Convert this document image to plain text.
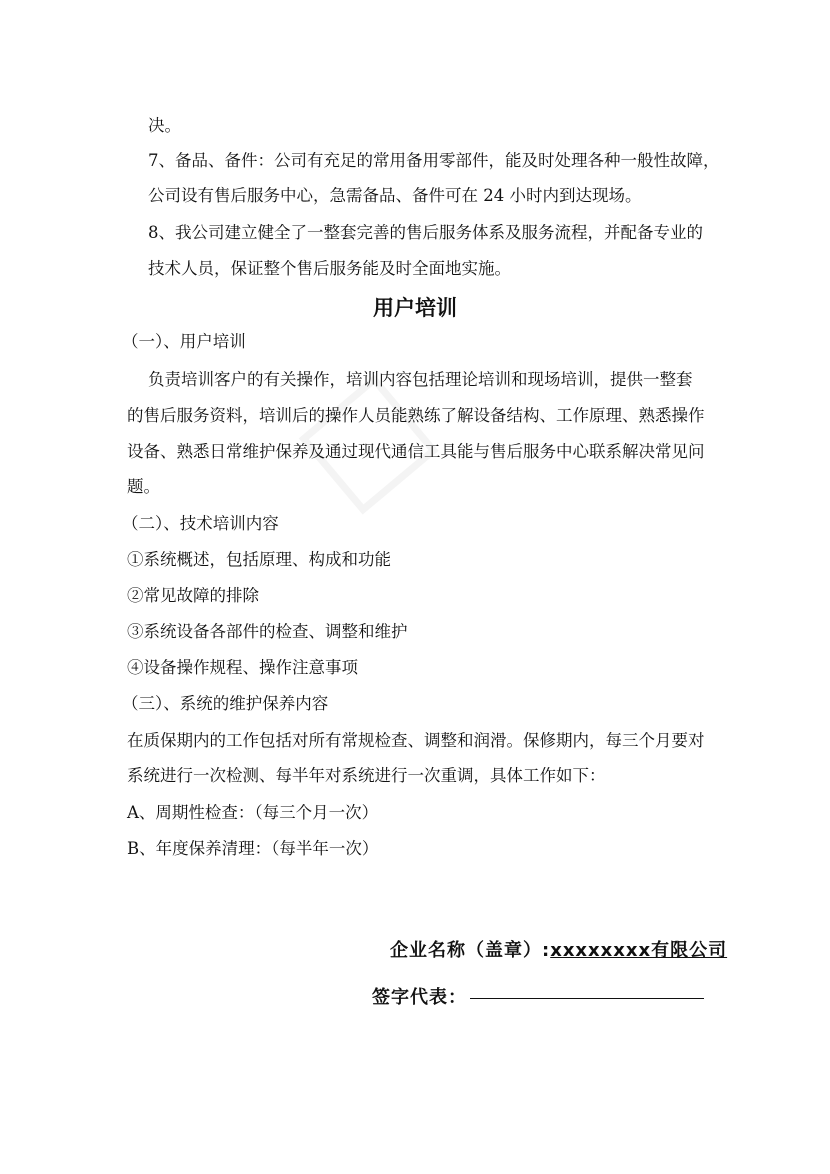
决。
7、备品、备件：公司有充足的常用备用零部件，能及时处理各种一般性故障，
公司设有售后服务中心，急需备品、备件可在 24 小时内到达现场。
8、我公司建立健全了一整套完善的售后服务体系及服务流程，并配备专业的
技术人员，保证整个售后服务能及时全面地实施。
用户培训
（一）、用户培训
负责培训客户的有关操作，培训内容包括理论培训和现场培训，提供一整套
的售后服务资料，培训后的操作人员能熟练了解设备结构、工作原理、熟悉操作
设备、熟悉日常维护保养及通过现代通信工具能与售后服务中心联系解决常见问
题。
（二）、技术培训内容
①系统概述，包括原理、构成和功能
②常见故障的排除
③系统设备各部件的检查、调整和维护
④设备操作规程、操作注意事项
（三）、系统的维护保养内容
在质保期内的工作包括对所有常规检查、调整和润滑。保修期内，每三个月要对
系统进行一次检测、每半年对系统进行一次重调，具体工作如下：
A、周期性检查：（每三个月一次）
B、年度保养清理：（每半年一次）
企业名称（盖章）:xxxxxxxx有限公司
签字代表：
